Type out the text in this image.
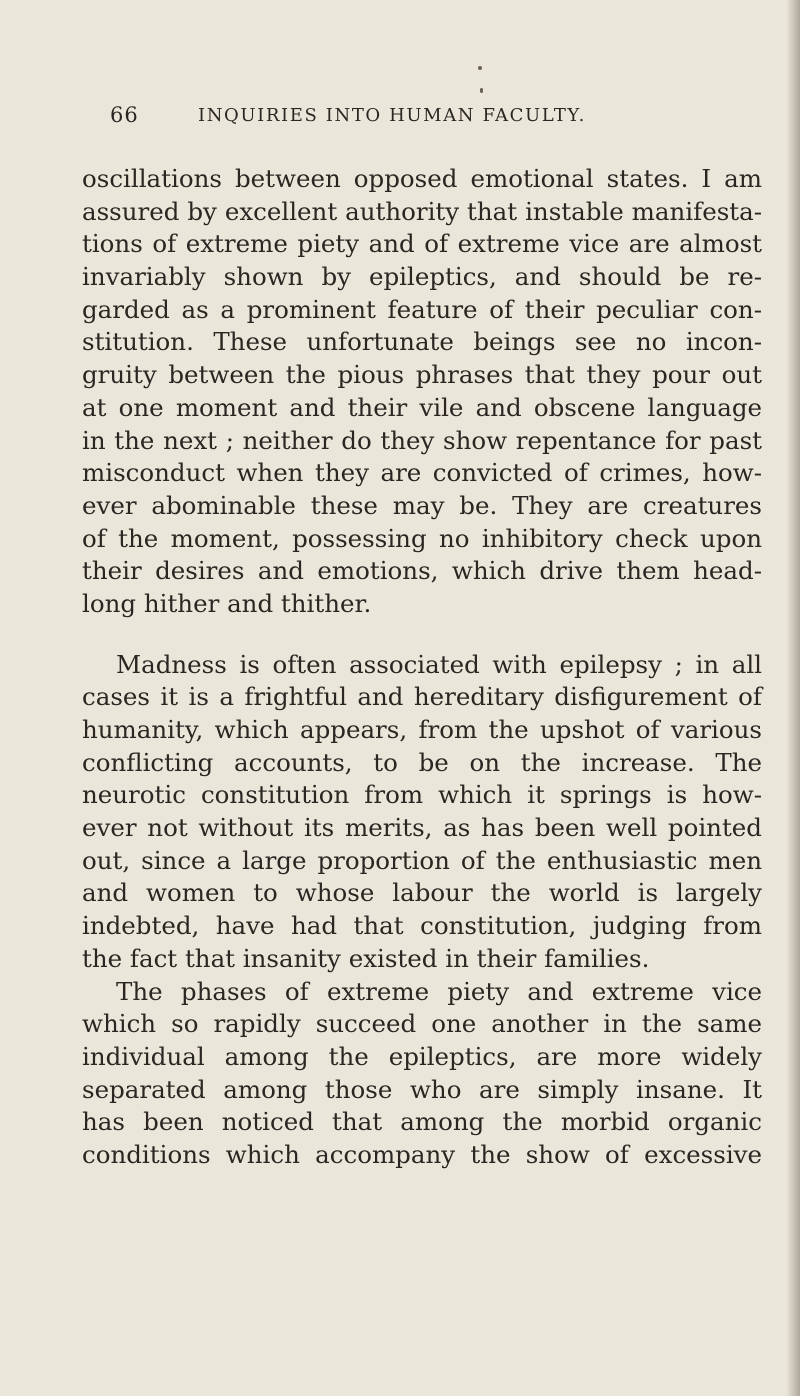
66	INQUIRIES INTO HUMAN FACULTY.
oscillations between opposed emotional states. I am
assured by excellent authority that instable manifesta-
tions of extreme piety and of extreme vice are almost
invariably shown by epileptics, and should be re-
garded as a prominent feature of their peculiar con-
stitution. These unfortunate beings see no incon-
gruity between the pious phrases that they pour out
at one moment and their vile and obscene language
in the next ; neither do they show repentance for past
misconduct when they are convicted of crimes, how-
ever abominable these may be. They are creatures
of the moment, possessing no inhibitory check upon
their desires and emotions, which drive them head-
long hither and thither.
Madness is often associated with epilepsy ; in all
cases it is a frightful and hereditary disfigurement of
humanity, which appears, from the upshot of various
conflicting accounts, to be on the increase. The
neurotic constitution from which it springs is how-
ever not without its merits, as has been well pointed
out, since a large proportion of the enthusiastic men
and women to whose labour the world is largely
indebted, have had that constitution, judging from
the fact that insanity existed in their families.
The phases of extreme piety and extreme vice
which so rapidly succeed one another in the same
individual among the epileptics, are more widely
separated among those who are simply insane. It
has been noticed that among the morbid organic
conditions which accompany the show of excessive
